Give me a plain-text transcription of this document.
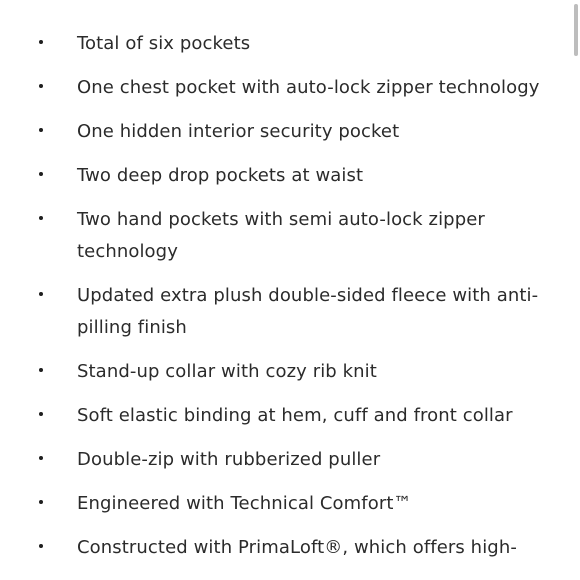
Total of six pockets
One chest pocket with auto-lock zipper technology
One hidden interior security pocket
Two deep drop pockets at waist
Two hand pockets with semi auto-lock zipper technology
Updated extra plush double-sided fleece with anti-pilling finish
Stand-up collar with cozy rib knit
Soft elastic binding at hem, cuff and front collar
Double-zip with rubberized puller
Engineered with Technical Comfort™
Constructed with PrimaLoft®, which offers high-
